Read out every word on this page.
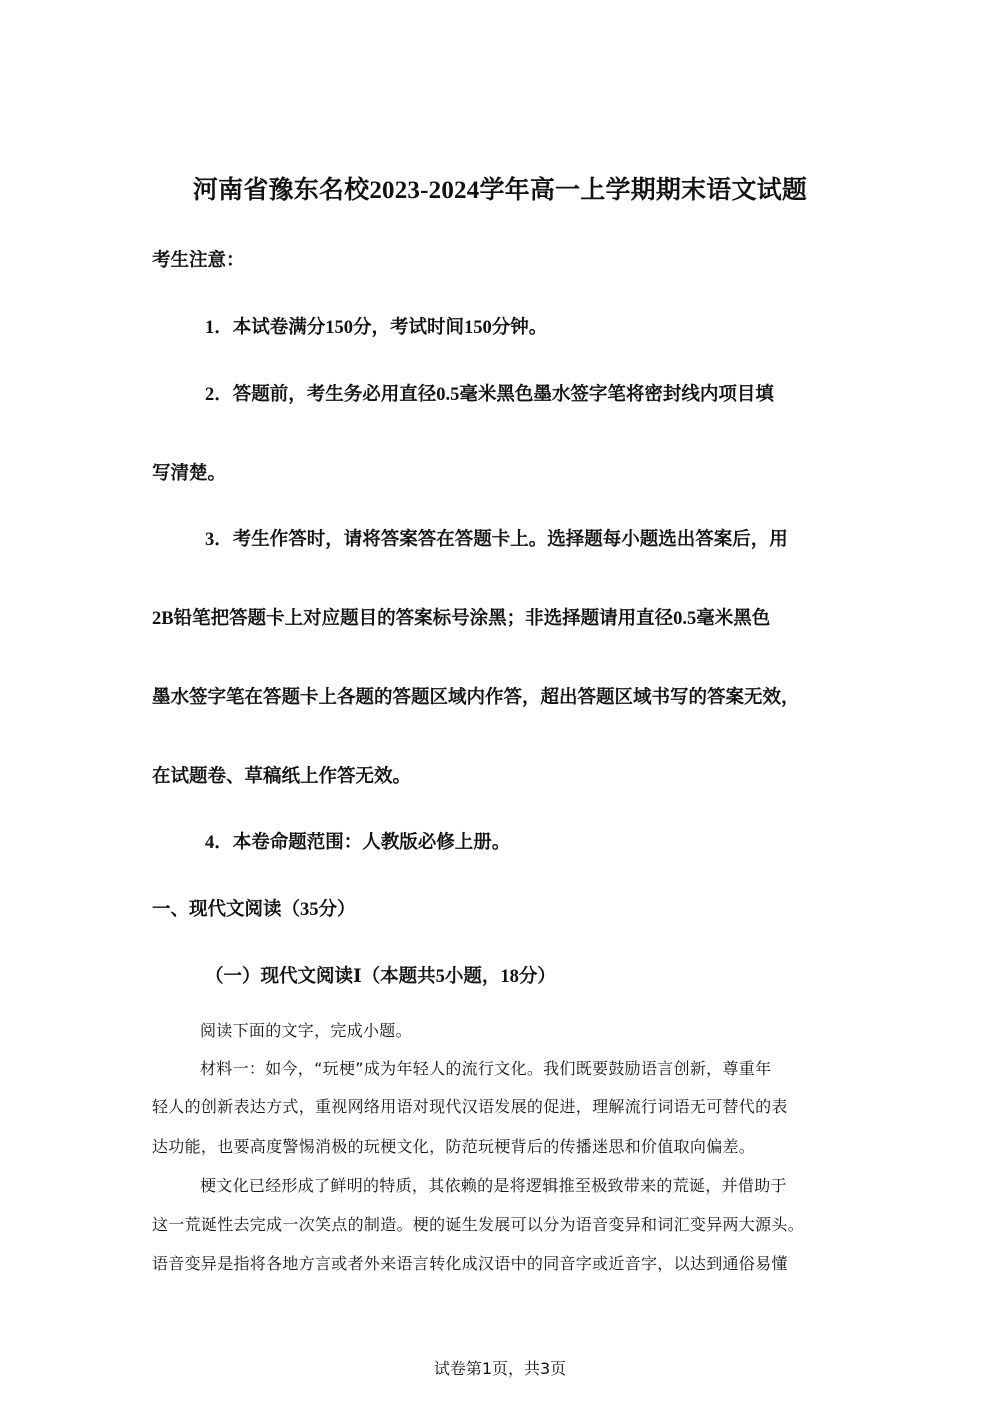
河南省豫东名校2023-2024学年高一上学期期末语文试题
考生注意：
1．本试卷满分150分，考试时间150分钟。
2．答题前，考生务必用直径0.5毫米黑色墨水签字笔将密封线内项目填
写清楚。
3．考生作答时，请将答案答在答题卡上。选择题每小题选出答案后，用
2B铅笔把答题卡上对应题目的答案标号涂黑；非选择题请用直径0.5毫米黑色
墨水签字笔在答题卡上各题的答题区域内作答，超出答题区域书写的答案无效，
在试题卷、草稿纸上作答无效。
4．本卷命题范围：人教版必修上册。
一、现代文阅读（35分）
（一）现代文阅读Ⅰ（本题共5小题，18分）
阅读下面的文字，完成小题。
材料一：如今，“玩梗”成为年轻人的流行文化。我们既要鼓励语言创新，尊重年
轻人的创新表达方式，重视网络用语对现代汉语发展的促进，理解流行词语无可替代的表
达功能，也要高度警惕消极的玩梗文化，防范玩梗背后的传播迷思和价值取向偏差。
梗文化已经形成了鲜明的特质，其依赖的是将逻辑推至极致带来的荒诞，并借助于
这一荒诞性去完成一次笑点的制造。梗的诞生发展可以分为语音变异和词汇变异两大源头。
语音变异是指将各地方言或者外来语言转化成汉语中的同音字或近音字，以达到通俗易懂
试卷第1页，共3页
